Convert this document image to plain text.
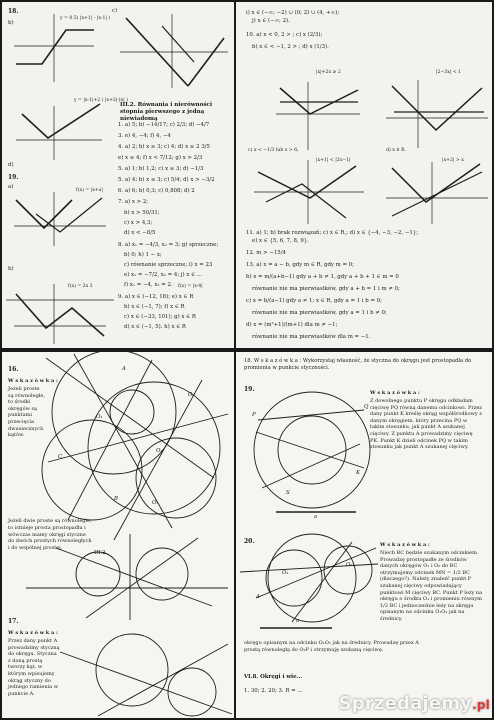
18.
b)
c)
y = 0.5( |x+1| - |x-1| )
y = |x-1|+2 ( |x+2|-|x| )
d)
19.
a)
f(x) = |x+a|
b)
f(x) = 2x 3	f(x) = |x-4|
III.2. Równania i nierówności stopnia pierwszego z jedną niewiadomą
1. a) 5; b) −14/17; c) 2/3; d) −4/7
3. e) 4, −4; f) 4, −4
4. a) 2; b) x ≥ 3; c) 4; d) x ≥ 2 3/5
e) x ≥ 4; f) x < 7/12; g) x > 2/3
5. a) 1; b) 1,2; c) x ≥ 3; d) −1/3
5. a) 4; b) x ≤ 3; c) 5/4; d) x > −3/2
6. a) 6; b) 0,3; c) 0,808; d) 2
7. a) x > 2;
b) x > 50/31;
c) x > 4,3;
d) x < −8/5
8. a) x₁ = −4/3, x₂ = 3; g) sprzeczne;
b) 0; h) 1 − x;
c) równanie sprzeczne; i) x = 23
e) x₁ = −7/2, x₂ = 4; j) x ∈ ...
f) x₁ = −4, x₂ = 2.
9. a) x ∈ (−12, 18); e) x ∈ R
b) x ∈ (−1, 7); f) x ∈ R
c) x ∈ (−33, 101); g) x ∈ R
d) x ∈ (−1, 5). h) x ∈ R
i) x ∈ (−∞; −2) ∪ (0; 2) ∪ (4, +∞);
j) x ∈ (−∞; 2).
10. a) x < 0, 2 > ; c) x (2/3);
b) x ∈ < −1, 2 > ; d) x (1/3).
|x|+2x ≥ 2	|2−3x| < 1
c) x < −1/3 lub x > 6;	d) x ∈ R.
|x+1| < |2x−1|	|x+2| > x
11. a) 1; b) brak rozwiązań; c) x ∈ R,; d) x ∈ {−4, −3, −2, −1};
e) x ∈ {5, 6, 7, 8, 9}.
12. m > −15/4
13. a) x = a − b, gdy m ∈ R, gdy m = 0;
b) x = m/(a+b−1) gdy a + b ≠ 1, gdy a + b + 1 ∈ m = 0
równanie nie ma pierwiastków, gdy a + b = 1 i m ≠ 0;
c) x = b/(a−1) gdy a ≠ 1; x ∈ R, gdy a = 1 i b = 0;
równanie nie ma pierwiastków, gdy a = 1 i b ≠ 0;
d) x = (m²+1)/(m+1) dla m ≠ −1;
równanie nie ma pierwiastków dla m = −1.
16.
W s k a z ó w k a :
Jeżeli proste są równoległe, to środki okręgów są punktami przecięcia dwusiecznych kątów.
Jeżeli dwie proste są równoległe, to istnieje prosta prostopadła i wówczas mamy okręgi styczne do dwóch prostych równoległych i do wspólnej prostej.
III.2.
O₁
O₂
O₃
O₄
A
B
C
17.
W s k a z ó w k a :
Przez dany punkt A prowadzimy styczną do okręgu. Styczna z daną prostą tworzy kąt, w którym wpisujemy okrąg styczny do jednego ramienia w punkcie A.
18. W s k a z ó w k a : Wykorzystaj własność, że styczna do okręgu jest prostopadła do promienia w punkcie styczności.
19.	W s k a z ó w k a :
Z dowolnego punktu P okręgu odkładam cięciwę PQ równą danemu odcinkowi. Przez dany punkt K kreślę okrąg współśrodkowy z danym okręgiem, który przecina PQ w takim stosunku, jak punkt A szukanej cięciwy. Z punktu A prowadzimy cięciwę PK. Punkt K dzieli odcinek PQ w takim stosunku jak punkt A szukanej cięciwy.
a
P
Q
K
S
20.	W s k a z ó w k a :
Niech BC będzie szukanym odcinkiem. Prowadzę prostopadłe ze środków danych okręgów O₁ i O₂ do BC otrzymujemy odcinek MN = 1/2 BC (dlaczego?). Należy znaleźć punkt P szukanej cięciwy odpowiadający punktowi M cięciwy BC. Punkt P leży na okręgu o środku O₁ i promieniu równym 1/2 BC i jednocześnie leży na okręgu opisanym na odcinku O₁O₂ jak na średnicy.
O₁
O₂
A
a
okręgu opisanym na odcinku O₁O₂ jak na średnicy. Prowadzę przez A prostą równoległą do O₂P i otrzymuję szukaną cięciwę.
VI.8. Okręgi i wie...
1. 30; 2. 20; 3. R = ...
Sprzedajemy.pl
